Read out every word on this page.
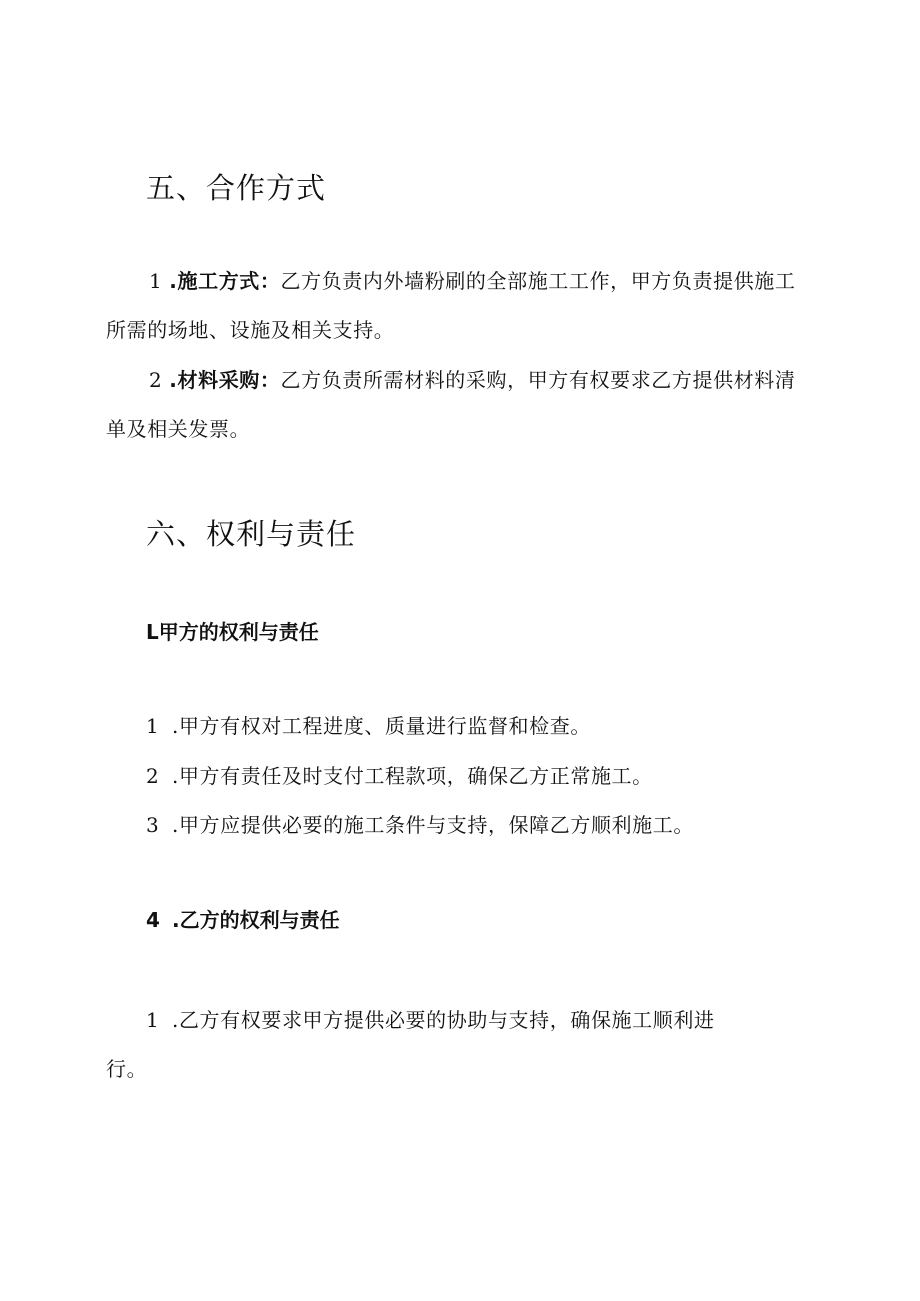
五、合作方式

1 .施工方式：乙方负责内外墙粉刷的全部施工工作，甲方负责提供施工所需的场地、设施及相关支持。

2 .材料采购：乙方负责所需材料的采购，甲方有权要求乙方提供材料清单及相关发票。

六、权利与责任
L甲方的权利与责任
1 .甲方有权对工程进度、质量进行监督和检查。
2 .甲方有责任及时支付工程款项，确保乙方正常施工。
3 .甲方应提供必要的施工条件与支持，保障乙方顺利施工。
4 .乙方的权利与责任
1 .乙方有权要求甲方提供必要的协助与支持，确保施工顺利进
行。
